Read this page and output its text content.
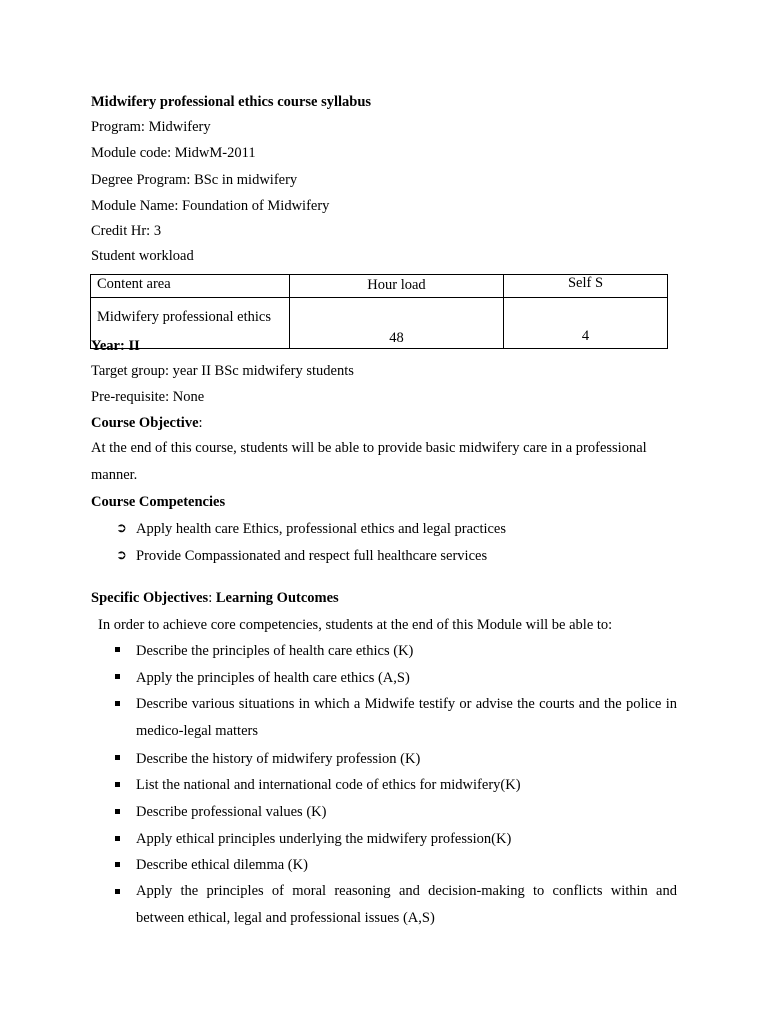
Midwifery professional ethics course syllabus
Program: Midwifery
Module code: MidwM-2011
Degree Program: BSc in midwifery
Module Name: Foundation of Midwifery
Credit Hr: 3
Student workload
Content area	Hour load	Self S
Midwifery professional ethics	48	4
Year: II
Target group: year II BSc midwifery students
Pre-requisite: None
Course Objective:
At the end of this course, students will be able to provide basic midwifery care in a professional
manner.
Course Competencies
➲ Apply health care Ethics, professional ethics and legal practices
➲ Provide Compassionated and respect full healthcare services
Specific Objectives: Learning Outcomes
In order to achieve core competencies, students at the end of this Module will be able to:
Describe the principles of health care ethics (K)
Apply the principles of health care ethics (A,S)
Describe various situations in which a Midwife testify or advise the courts and the police in medico-legal matters
Describe the history of midwifery profession (K)
List the national and international code of ethics for midwifery(K)
Describe professional values (K)
Apply ethical principles underlying the midwifery profession(K)
Describe ethical dilemma (K)
Apply the principles of moral reasoning and decision-making to conflicts within and between ethical, legal and professional issues (A,S)
